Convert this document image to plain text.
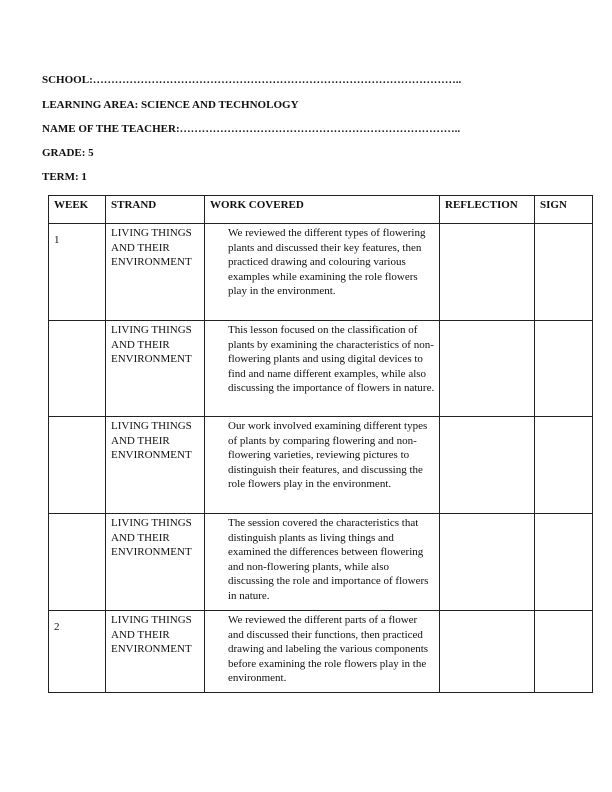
SCHOOL:………………………………………………………………………………………..
LEARNING AREA: SCIENCE AND TECHNOLOGY
NAME OF THE TEACHER:…………………………………………………………………..
GRADE: 5
TERM: 1
WEEK	STRAND	WORK COVERED	REFLECTION	SIGN
1	LIVING THINGS AND THEIR ENVIRONMENT	We reviewed the different types of flowering plants and discussed their key features, then practiced drawing and colouring various examples while examining the role flowers play in the environment.		
	LIVING THINGS AND THEIR ENVIRONMENT	This lesson focused on the classification of plants by examining the characteristics of non-flowering plants and using digital devices to find and name different examples, while also discussing the importance of flowers in nature.		
	LIVING THINGS AND THEIR ENVIRONMENT	Our work involved examining different types of plants by comparing flowering and non-flowering varieties, reviewing pictures to distinguish their features, and discussing the role flowers play in the environment.		
	LIVING THINGS AND THEIR ENVIRONMENT	The session covered the characteristics that distinguish plants as living things and examined the differences between flowering and non-flowering plants, while also discussing the role and importance of flowers in nature.		
2	LIVING THINGS AND THEIR ENVIRONMENT	We reviewed the different parts of a flower and discussed their functions, then practiced drawing and labeling the various components before examining the role flowers play in the environment.		
